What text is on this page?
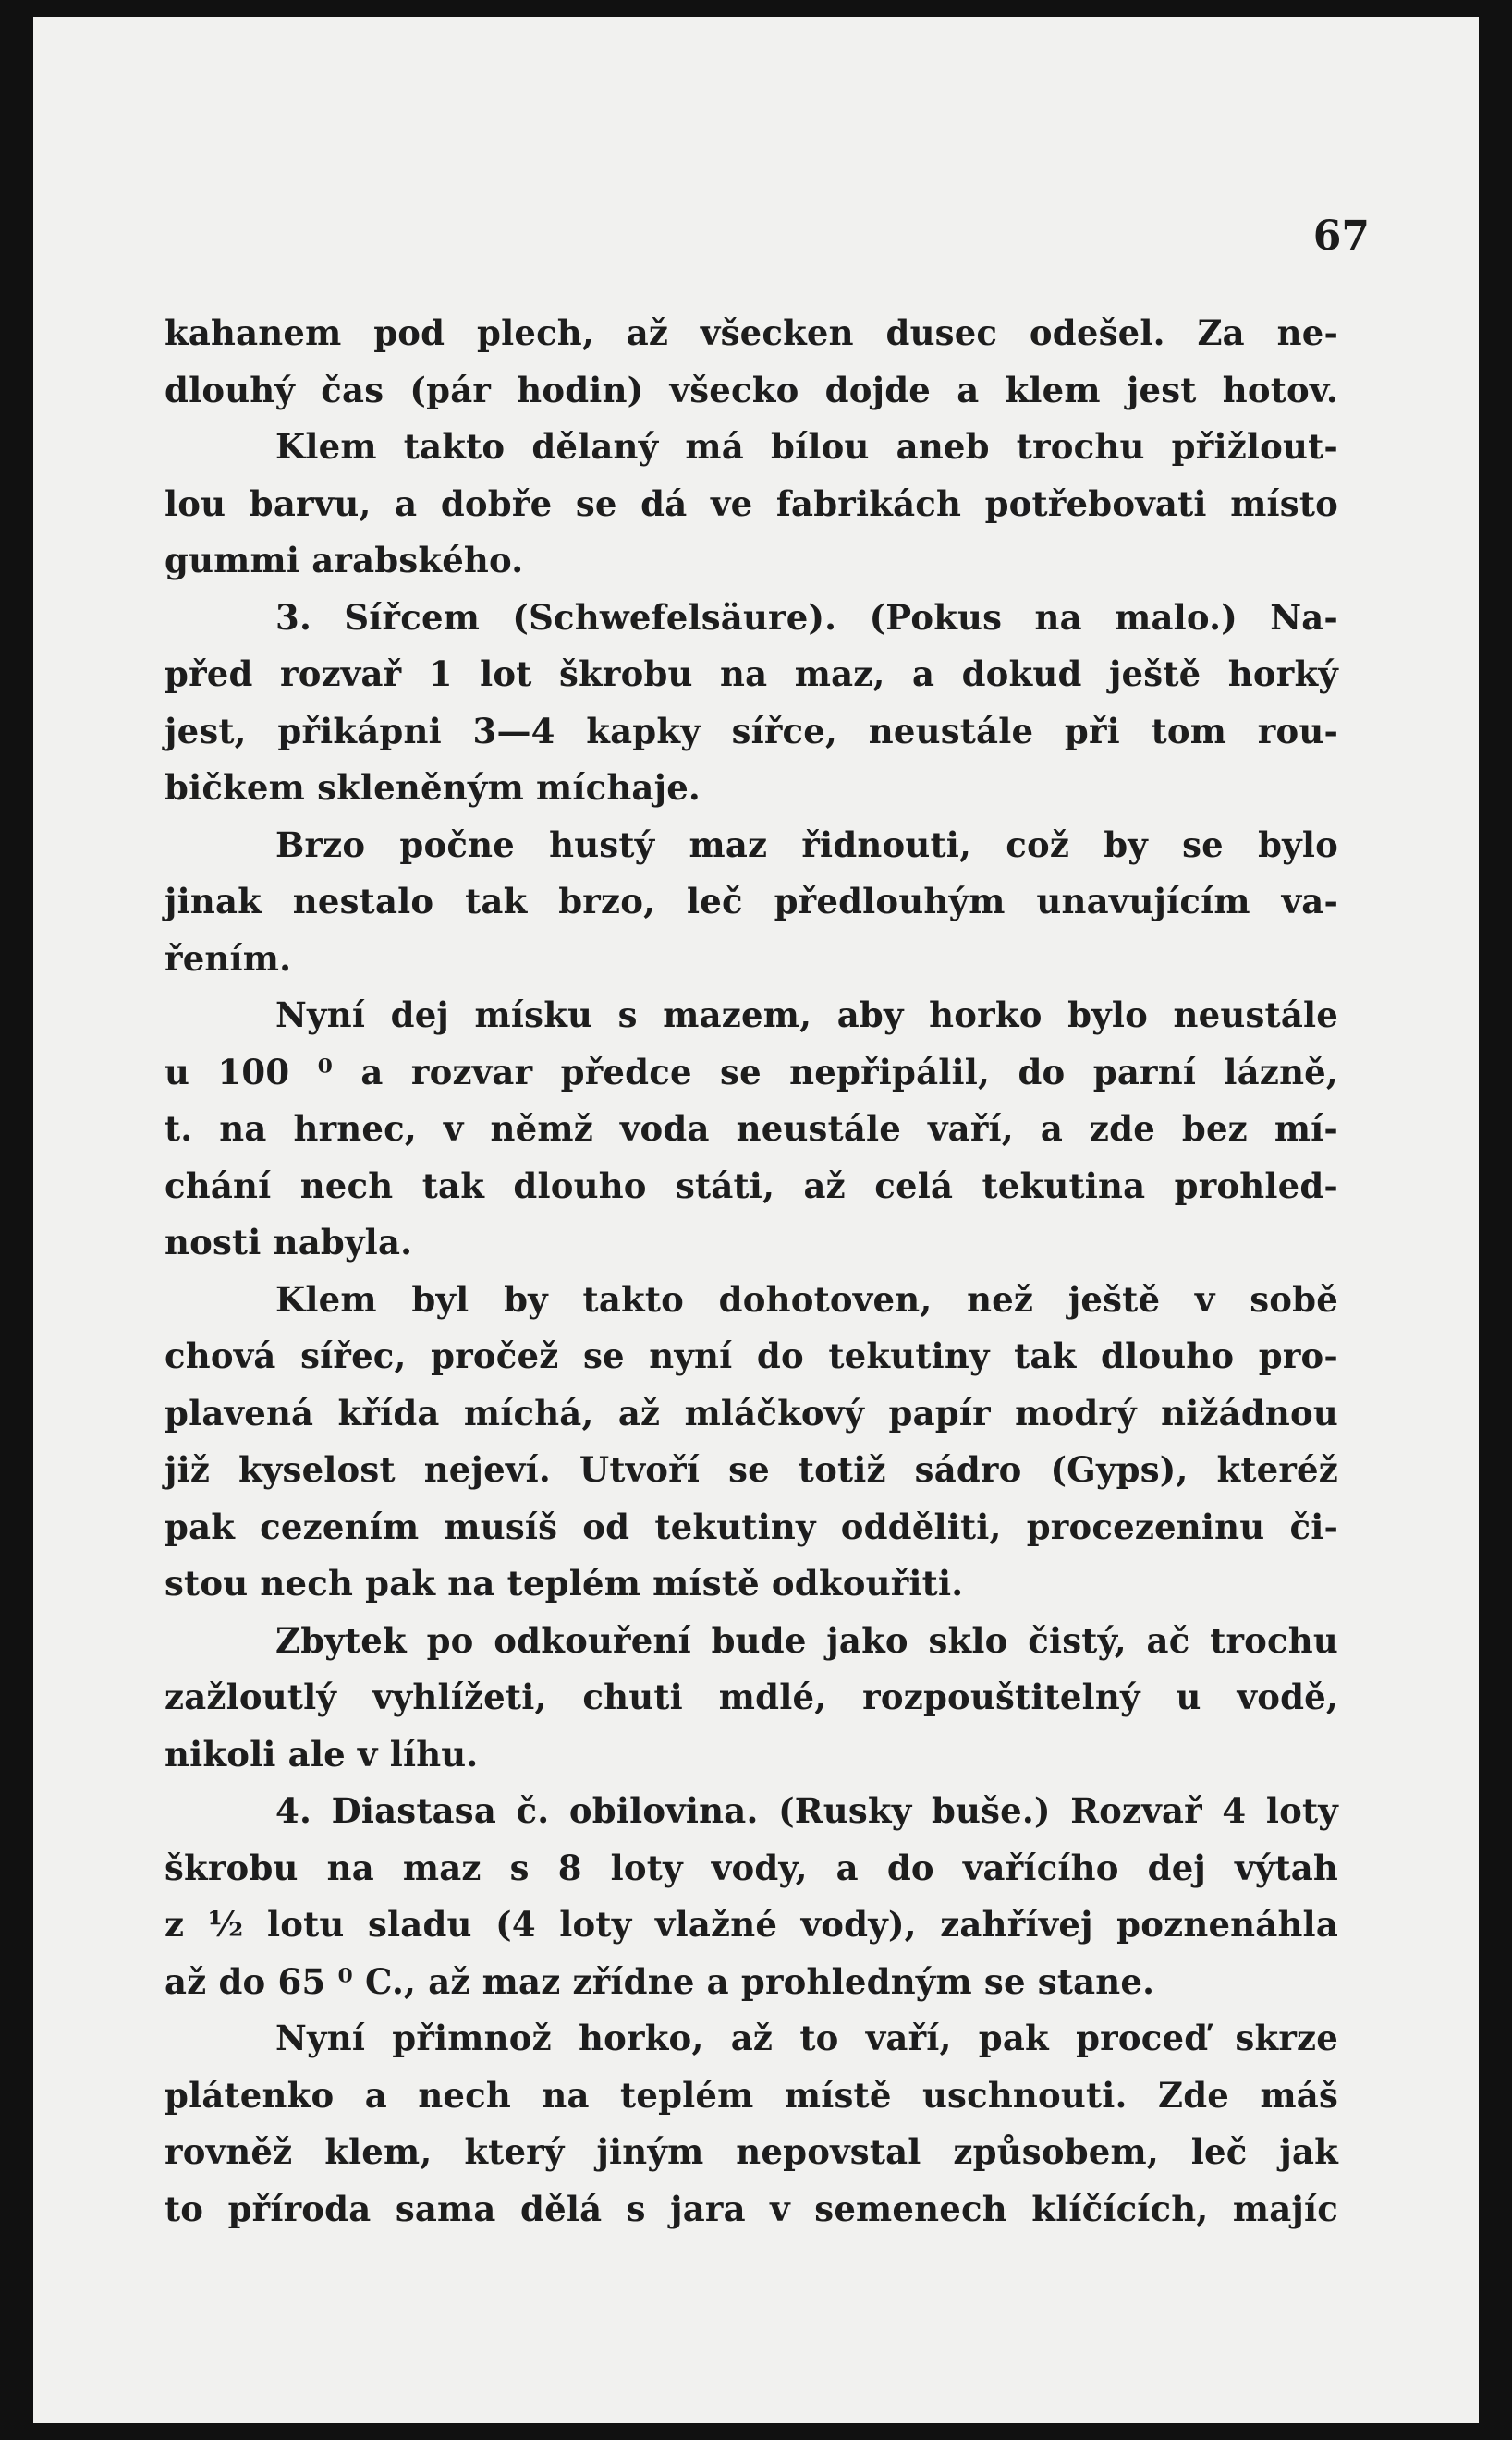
67
kahanem pod plech, až všecken dusec odešel. Za ne-
dlouhý čas (pár hodin) všecko dojde a klem jest hotov.
Klem takto dělaný má bílou aneb trochu přižlout-
lou barvu, a dobře se dá ve fabrikách potřebovati místo
gummi arabského.
3. Sířcem (Schwefelsäure). (Pokus na malo.) Na-
před rozvař 1 lot škrobu na maz, a dokud ještě horký
jest, přikápni 3—4 kapky sířce, neustále při tom rou-
bičkem skleněným míchaje.
Brzo počne hustý maz řidnouti, což by se bylo
jinak nestalo tak brzo, leč předlouhým unavujícím va-
řením.
Nyní dej mísku s mazem, aby horko bylo neustále
u 100 ⁰ a rozvar předce se nepřipálil, do parní lázně,
t. na hrnec, v němž voda neustále vaří, a zde bez mí-
chání nech tak dlouho státi, až celá tekutina prohled-
nosti nabyla.
Klem byl by takto dohotoven, než ještě v sobě
chová sířec, pročež se nyní do tekutiny tak dlouho pro-
plavená křída míchá, až mláčkový papír modrý nižádnou
již kyselost nejeví. Utvoří se totiž sádro (Gyps), kteréž
pak cezením musíš od tekutiny odděliti, procezeninu či-
stou nech pak na teplém místě odkouřiti.
Zbytek po odkouření bude jako sklo čistý, ač trochu
zažloutlý vyhlížeti, chuti mdlé, rozpouštitelný u vodě,
nikoli ale v líhu.
4. Diastasa č. obilovina. (Rusky buše.) Rozvař 4 loty
škrobu na maz s 8 loty vody, a do vařícího dej výtah
z ½ lotu sladu (4 loty vlažné vody), zahřívej poznenáhla
až do 65 ⁰ C., až maz zřídne a prohledným se stane.
Nyní přimnož horko, až to vaří, pak proceď skrze
plátenko a nech na teplém místě uschnouti. Zde máš
rovněž klem, který jiným nepovstal způsobem, leč jak
to příroda sama dělá s jara v semenech klíčících, majíc
